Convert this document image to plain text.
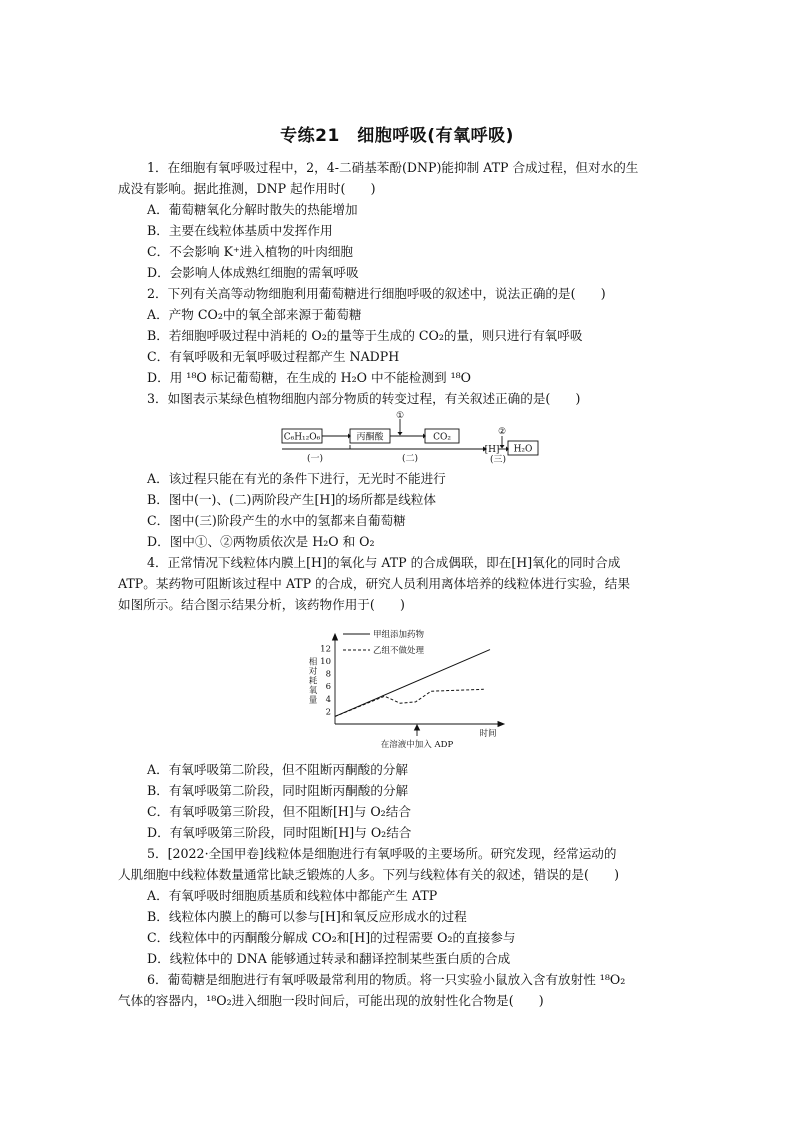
专练21　细胞呼吸(有氧呼吸)
1．在细胞有氧呼吸过程中，2，4-二硝基苯酚(DNP)能抑制 ATP 合成过程，但对水的生
成没有影响。据此推测，DNP 起作用时(　　)
A．葡萄糖氧化分解时散失的热能增加
B．主要在线粒体基质中发挥作用
C．不会影响 K⁺进入植物的叶肉细胞
D．会影响人体成熟红细胞的需氧呼吸
2．下列有关高等动物细胞利用葡萄糖进行细胞呼吸的叙述中，说法正确的是(　　)
A．产物 CO₂中的氧全部来源于葡萄糖
B．若细胞呼吸过程中消耗的 O₂的量等于生成的 CO₂的量，则只进行有氧呼吸
C．有氧呼吸和无氧呼吸过程都产生 NADPH
D．用 ¹⁸O 标记葡萄糖，在生成的 H₂O 中不能检测到 ¹⁸O
3．如图表示某绿色植物细胞内部分物质的转变过程，有关叙述正确的是(　　)
C₆H₁₂O₆	丙酮酸	CO₂
[H] H₂O
①
②
(一)	(二)	(三)
A．该过程只能在有光的条件下进行，无光时不能进行
B．图中(一)、(二)两阶段产生[H]的场所都是线粒体
C．图中(三)阶段产生的水中的氢都来自葡萄糖
D．图中①、②两物质依次是 H₂O 和 O₂
4．正常情况下线粒体内膜上[H]的氧化与 ATP 的合成偶联，即在[H]氧化的同时合成
ATP。某药物可阻断该过程中 ATP 的合成，研究人员利用离体培养的线粒体进行实验，结果
如图所示。结合图示结果分析，该药物作用于(　　)
甲组添加药物
乙组不做处理
时间
在溶液中加入 ADP
相对耗氧量
2
4
6
8
10
12
A．有氧呼吸第二阶段，但不阻断丙酮酸的分解
B．有氧呼吸第二阶段，同时阻断丙酮酸的分解
C．有氧呼吸第三阶段，但不阻断[H]与 O₂结合
D．有氧呼吸第三阶段，同时阻断[H]与 O₂结合
5．[2022·全国甲卷]线粒体是细胞进行有氧呼吸的主要场所。研究发现，经常运动的
人肌细胞中线粒体数量通常比缺乏锻炼的人多。下列与线粒体有关的叙述，错误的是(　　)
A．有氧呼吸时细胞质基质和线粒体中都能产生 ATP
B．线粒体内膜上的酶可以参与[H]和氧反应形成水的过程
C．线粒体中的丙酮酸分解成 CO₂和[H]的过程需要 O₂的直接参与
D．线粒体中的 DNA 能够通过转录和翻译控制某些蛋白质的合成
6．葡萄糖是细胞进行有氧呼吸最常利用的物质。将一只实验小鼠放入含有放射性 ¹⁸O₂
气体的容器内，¹⁸O₂进入细胞一段时间后，可能出现的放射性化合物是(　　)
